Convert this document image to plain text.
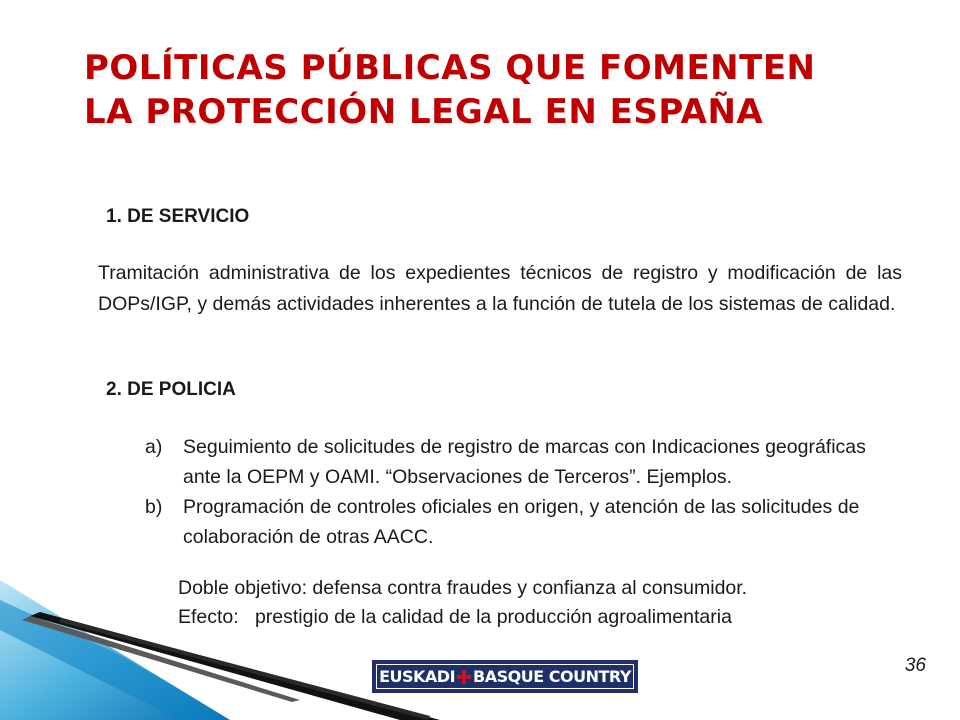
POLÍTICAS PÚBLICAS QUE FOMENTEN
LA PROTECCIÓN LEGAL EN ESPAÑA
1. DE SERVICIO

Tramitación administrativa de los expedientes técnicos de registro y modificación de las DOPs/IGP, y demás actividades inherentes a la función de tutela de los sistemas de calidad.

2. DE POLICIA
a) Seguimiento de solicitudes de registro de marcas con Indicaciones geográficas ante la OEPM y OAMI. “Observaciones de Terceros”. Ejemplos.
b) Programación de controles oficiales en origen, y atención de las solicitudes de colaboración de otras AACC.
Doble objetivo: defensa contra fraudes y confianza al consumidor.
Efecto:   prestigio de la calidad de la producción agroalimentaria
36
EUSKADI BASQUE COUNTRY
